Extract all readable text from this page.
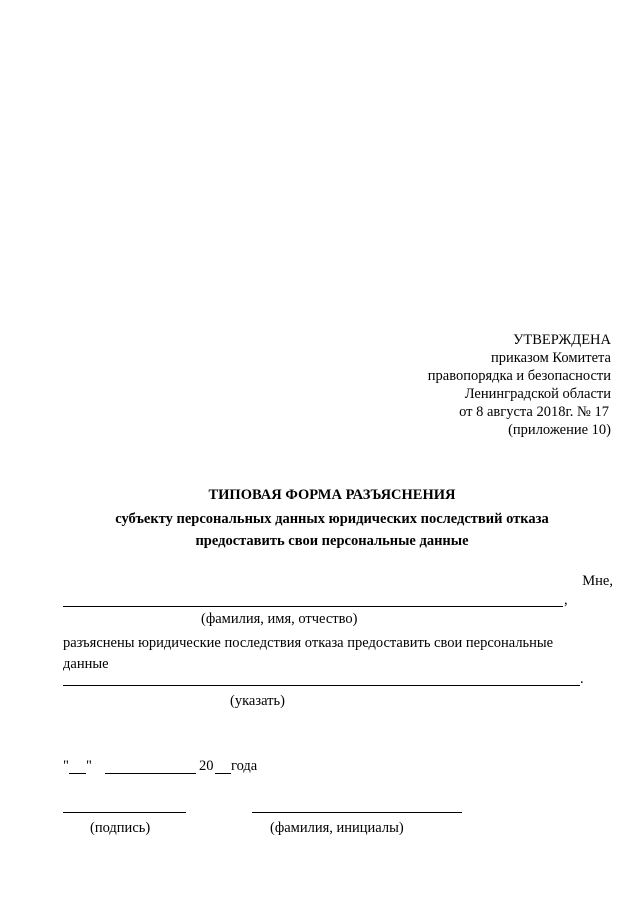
УТВЕРЖДЕНА
приказом Комитета
правопорядка и безопасности
Ленинградской области
от 8 августа 2018г. № 17
(приложение 10)
ТИПОВАЯ ФОРМА РАЗЪЯСНЕНИЯ
субъекту персональных данных юридических последствий отказа
предоставить свои персональные данные
Мне,
,
(фамилия, имя, отчество)
разъяснены юридические последствия отказа предоставить свои персональные
данные
.
(указать)
" "	20 года
(подпись)	(фамилия, инициалы)
